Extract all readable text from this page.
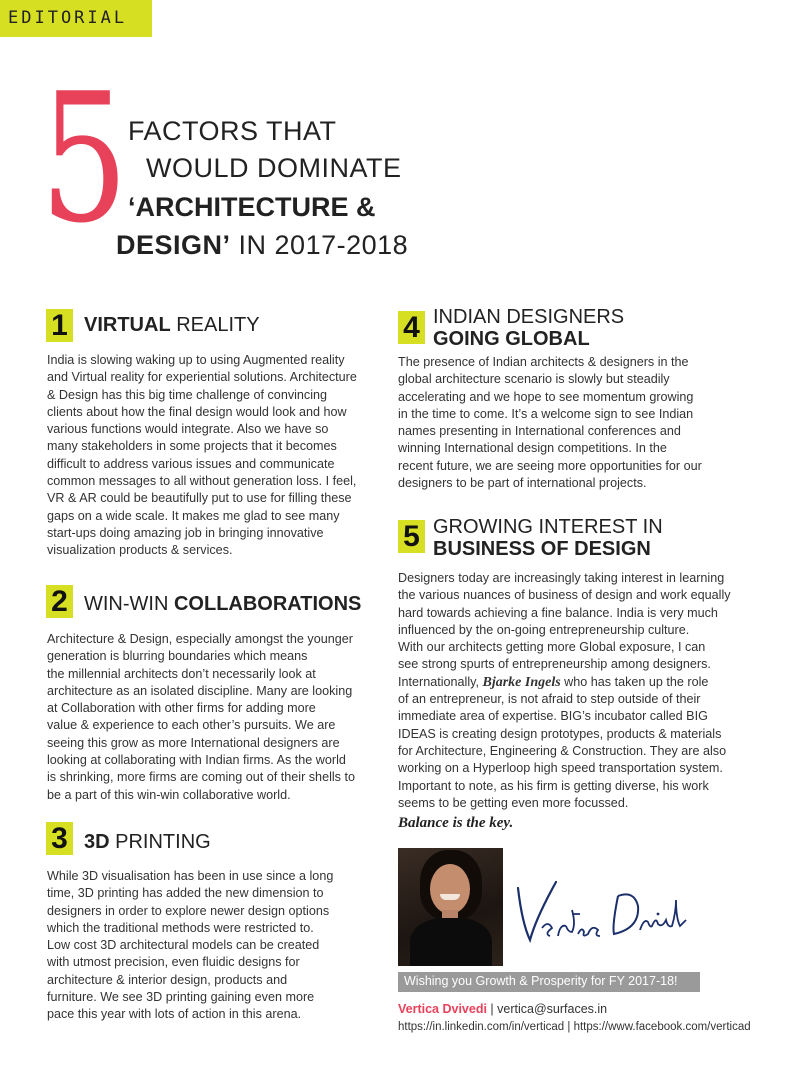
EDITORIAL
5 FACTORS THAT
WOULD DOMINATE
‘ARCHITECTURE &
DESIGN’ IN 2017-2018
1 VIRTUAL REALITY
India is slowing waking up to using Augmented reality
and Virtual reality for experiential solutions. Architecture
& Design has this big time challenge of convincing
clients about how the final design would look and how
various functions would integrate. Also we have so
many stakeholders in some projects that it becomes
difficult to address various issues and communicate
common messages to all without generation loss. I feel,
VR & AR could be beautifully put to use for filling these
gaps on a wide scale. It makes me glad to see many
start-ups doing amazing job in bringing innovative
visualization products & services.
2 WIN-WIN COLLABORATIONS
Architecture & Design, especially amongst the younger
generation is blurring boundaries which means
the millennial architects don’t necessarily look at
architecture as an isolated discipline. Many are looking
at Collaboration with other firms for adding more
value & experience to each other’s pursuits. We are
seeing this grow as more International designers are
looking at collaborating with Indian firms. As the world
is shrinking, more firms are coming out of their shells to
be a part of this win-win collaborative world.
3 3D PRINTING
While 3D visualisation has been in use since a long
time, 3D printing has added the new dimension to
designers in order to explore newer design options
which the traditional methods were restricted to.
Low cost 3D architectural models can be created
with utmost precision, even fluidic designs for
architecture & interior design, products and
furniture. We see 3D printing gaining even more
pace this year with lots of action in this arena.
4 INDIAN DESIGNERS
GOING GLOBAL
The presence of Indian architects & designers in the
global architecture scenario is slowly but steadily
accelerating and we hope to see momentum growing
in the time to come. It’s a welcome sign to see Indian
names presenting in International conferences and
winning International design competitions. In the
recent future, we are seeing more opportunities for our
designers to be part of international projects.
5 GROWING INTEREST IN
BUSINESS OF DESIGN
Designers today are increasingly taking interest in learning
the various nuances of business of design and work equally
hard towards achieving a fine balance. India is very much
influenced by the on-going entrepreneurship culture.
With our architects getting more Global exposure, I can
see strong spurts of entrepreneurship among designers.
Internationally, Bjarke Ingels who has taken up the role
of an entrepreneur, is not afraid to step outside of their
immediate area of expertise. BIG’s incubator called BIG
IDEAS is creating design prototypes, products & materials
for Architecture, Engineering & Construction. They are also
working on a Hyperloop high speed transportation system.
Important to note, as his firm is getting diverse, his work
seems to be getting even more focussed.
Balance is the key.
Wishing you Growth & Prosperity for FY 2017-18!
Vertica Dvivedi | vertica@surfaces.in
https://in.linkedin.com/in/verticad | https://www.facebook.com/verticad
